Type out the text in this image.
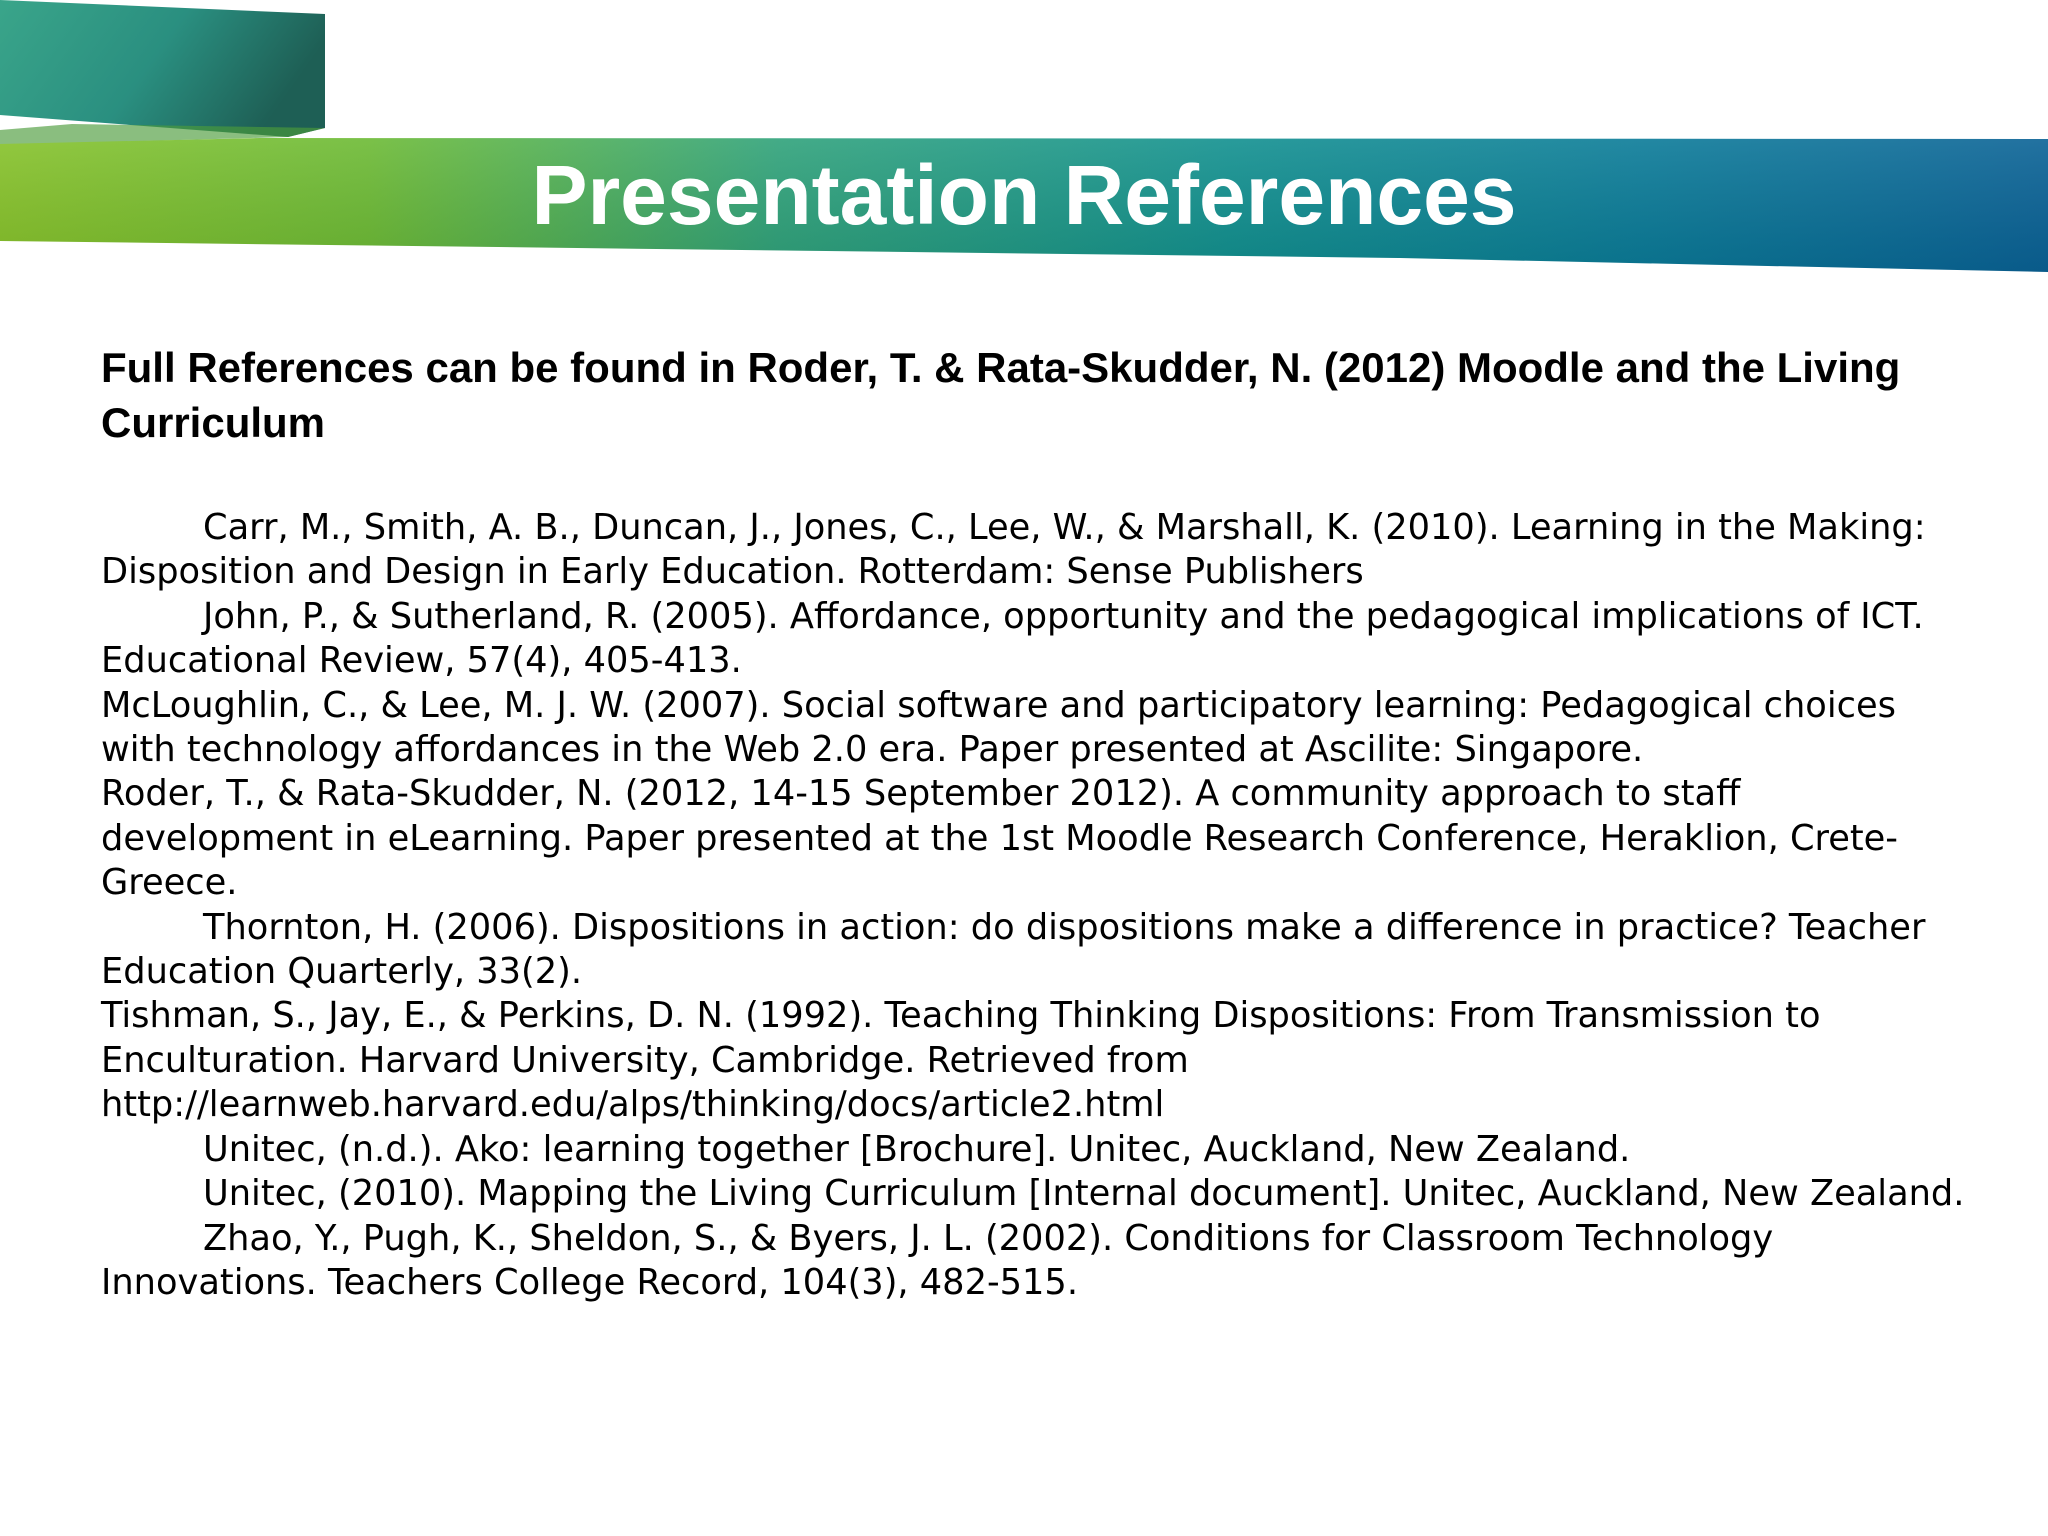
Presentation References

Full References can be found in Roder, T. & Rata-Skudder, N. (2012) Moodle and the Living Curriculum

Carr, M., Smith, A. B., Duncan, J., Jones, C., Lee, W., & Marshall, K. (2010). Learning in the Making: Disposition and Design in Early Education. Rotterdam: Sense Publishers
John, P., & Sutherland, R. (2005). Affordance, opportunity and the pedagogical implications of ICT. Educational Review, 57(4), 405-413.
McLoughlin, C., & Lee, M. J. W. (2007). Social software and participatory learning: Pedagogical choices with technology affordances in the Web 2.0 era. Paper presented at Ascilite: Singapore.
Roder, T., & Rata-Skudder, N. (2012, 14-15 September 2012). A community approach to staff development in eLearning. Paper presented at the 1st Moodle Research Conference, Heraklion, Crete-Greece.
Thornton, H. (2006). Dispositions in action: do dispositions make a difference in practice? Teacher Education Quarterly, 33(2).
Tishman, S., Jay, E., & Perkins, D. N. (1992). Teaching Thinking Dispositions: From Transmission to Enculturation. Harvard University, Cambridge. Retrieved from http://learnweb.harvard.edu/alps/thinking/docs/article2.html
Unitec, (n.d.). Ako: learning together [Brochure]. Unitec, Auckland, New Zealand.
Unitec, (2010). Mapping the Living Curriculum [Internal document]. Unitec, Auckland, New Zealand.
Zhao, Y., Pugh, K., Sheldon, S., & Byers, J. L. (2002). Conditions for Classroom Technology Innovations. Teachers College Record, 104(3), 482-515.
